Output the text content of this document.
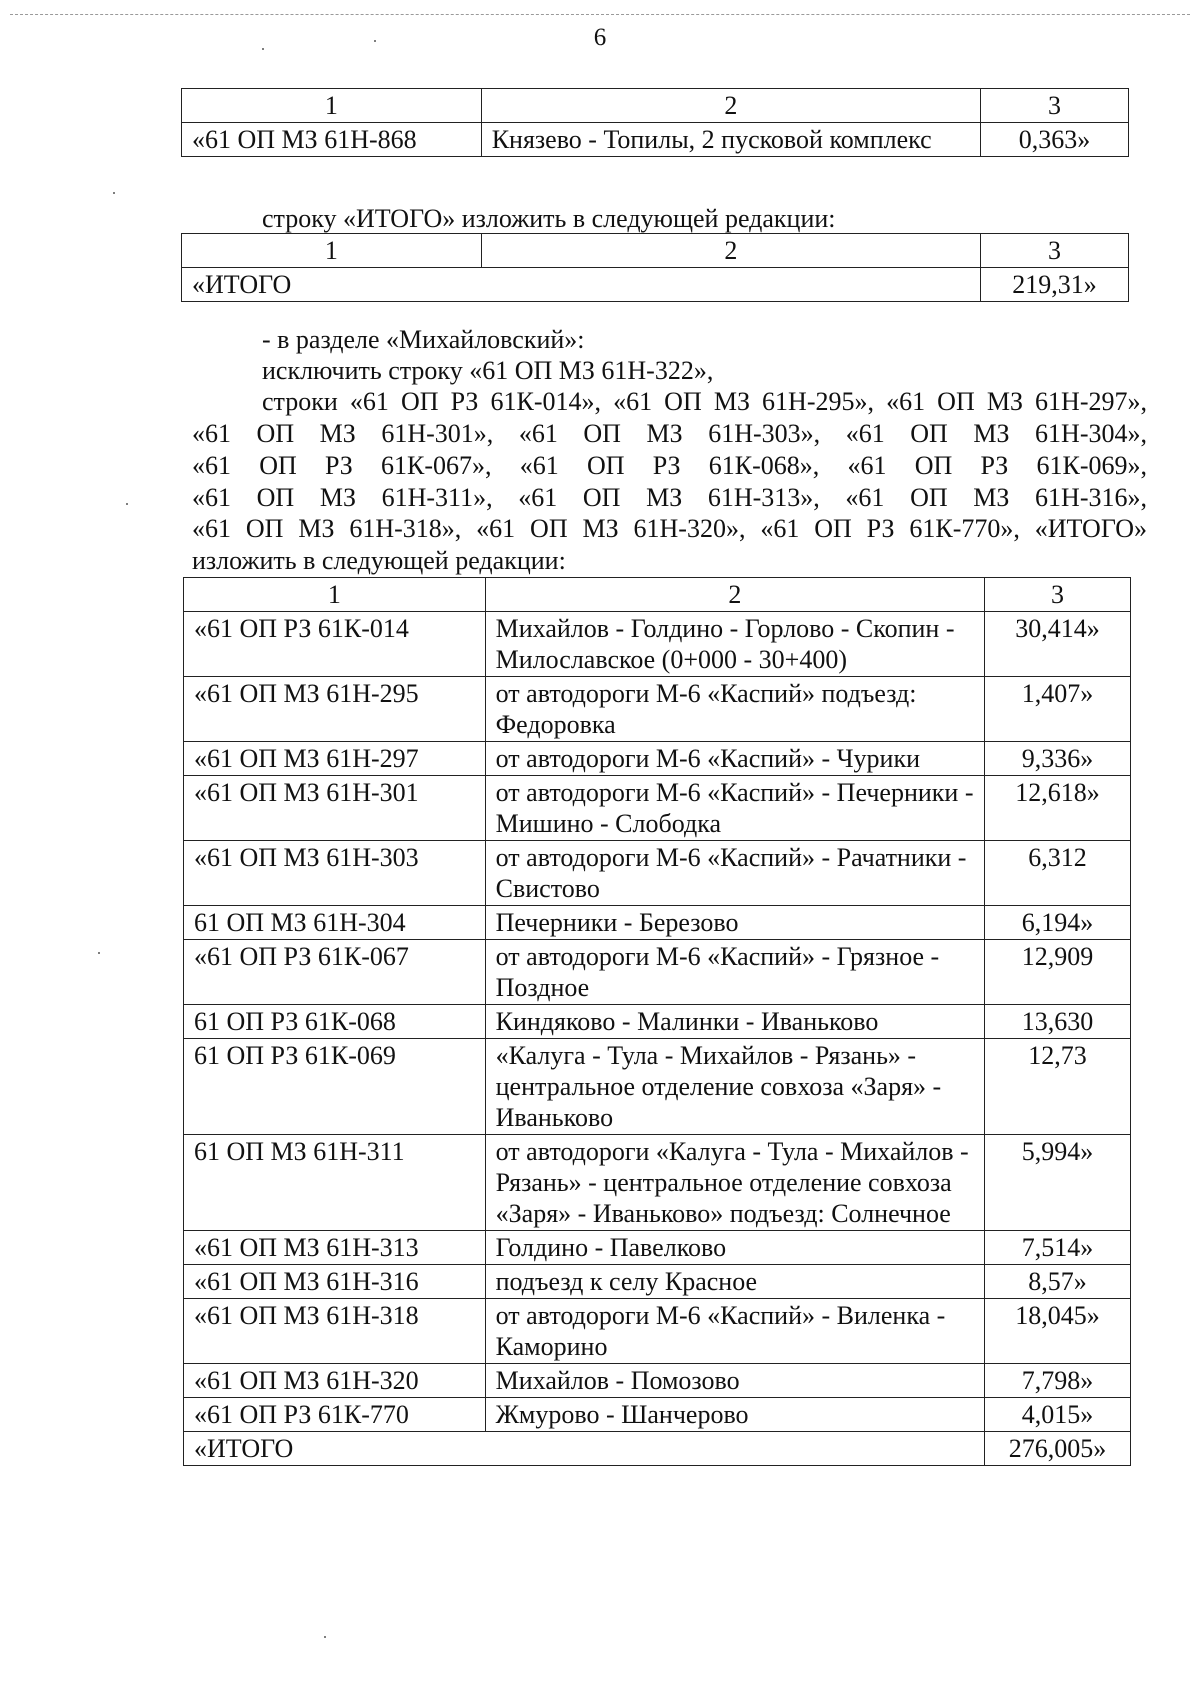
6
1	2	3
«61 ОП МЗ 61Н-868	Князево - Топилы, 2 пусковой комплекс	0,363»
строку «ИТОГО» изложить в следующей редакции:
1	2	3
«ИТОГО		219,31»
- в разделе «Михайловский»:
исключить строку «61 ОП МЗ 61Н-322»,
строки «61 ОП РЗ 61К-014», «61 ОП МЗ 61Н-295», «61 ОП МЗ 61Н-297»,
«61 ОП МЗ 61Н-301», «61 ОП МЗ 61Н-303», «61 ОП МЗ 61Н-304»,
«61 ОП РЗ 61К-067», «61 ОП РЗ 61К-068», «61 ОП РЗ 61К-069»,
«61 ОП МЗ 61Н-311», «61 ОП МЗ 61Н-313», «61 ОП МЗ 61Н-316»,
«61 ОП МЗ 61Н-318», «61 ОП МЗ 61Н-320», «61 ОП РЗ 61К-770», «ИТОГО»
изложить в следующей редакции:
1	2	3
«61 ОП РЗ 61К-014	Михайлов - Голдино - Горлово - Скопин - Милославское (0+000 - 30+400)	30,414»
«61 ОП МЗ 61Н-295	от автодороги М-6 «Каспий» подъезд: Федоровка	1,407»
«61 ОП МЗ 61Н-297	от автодороги М-6 «Каспий» - Чурики	9,336»
«61 ОП МЗ 61Н-301	от автодороги М-6 «Каспий» - Печерники - Мишино - Слободка	12,618»
«61 ОП МЗ 61Н-303	от автодороги М-6 «Каспий» - Рачатники - Свистово	6,312
61 ОП МЗ 61Н-304	Печерники - Березово	6,194»
«61 ОП РЗ 61К-067	от автодороги М-6 «Каспий» - Грязное - Поздное	12,909
61 ОП РЗ 61К-068	Киндяково - Малинки - Иваньково	13,630
61 ОП РЗ 61К-069	«Калуга - Тула - Михайлов - Рязань» - центральное отделение совхоза «Заря» - Иваньково	12,73
61 ОП МЗ 61Н-311	от автодороги «Калуга - Тула - Михайлов - Рязань» - центральное отделение совхоза «Заря» - Иваньково» подъезд: Солнечное	5,994»
«61 ОП МЗ 61Н-313	Голдино - Павелково	7,514»
«61 ОП МЗ 61Н-316	подъезд к селу Красное	8,57»
«61 ОП МЗ 61Н-318	от автодороги М-6 «Каспий» - Виленка - Каморино	18,045»
«61 ОП МЗ 61Н-320	Михайлов - Помозово	7,798»
«61 ОП РЗ 61К-770	Жмурово - Шанчерово	4,015»
«ИТОГО		276,005»
